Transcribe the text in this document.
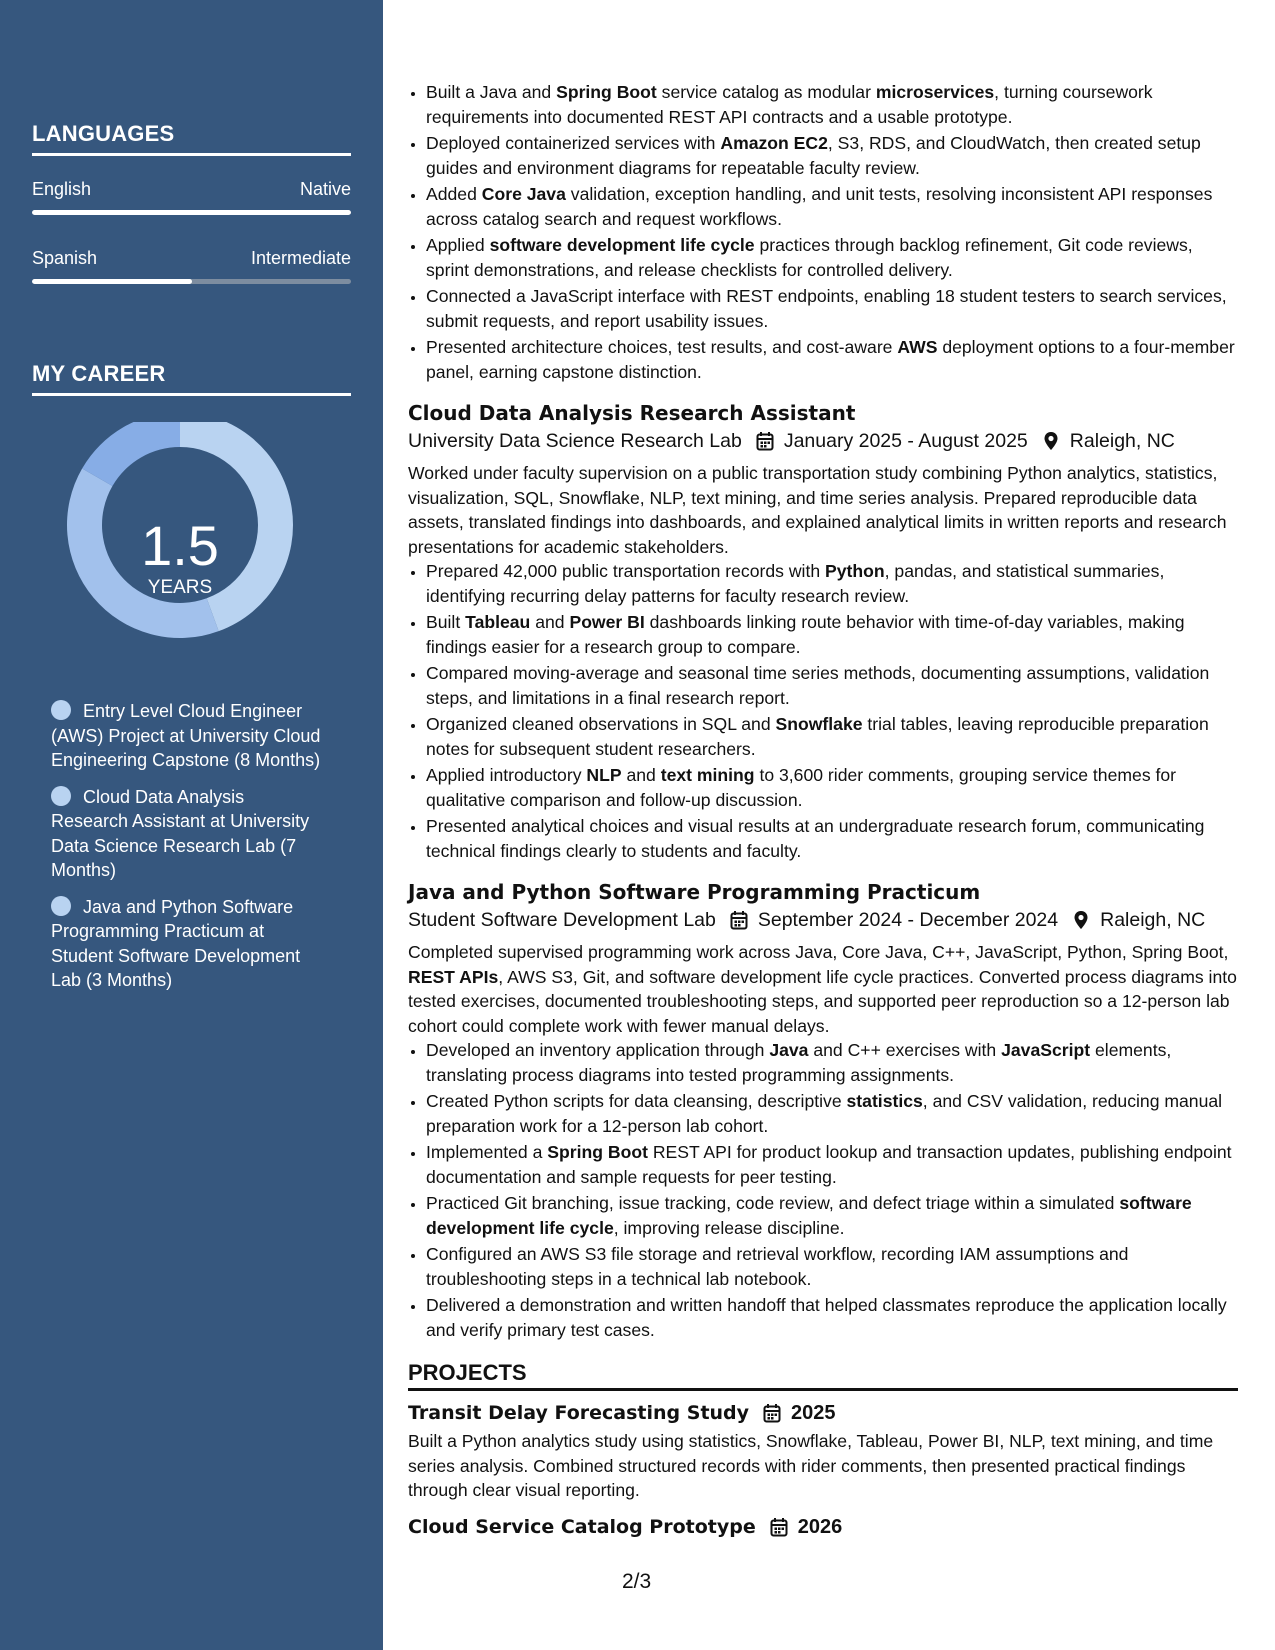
LANGUAGES
English	Native
Spanish	Intermediate
MY CAREER
1.5
YEARS
Entry Level Cloud Engineer (AWS) Project at University Cloud Engineering Capstone (8 Months)
Cloud Data Analysis Research Assistant at University Data Science Research Lab (7 Months)
Java and Python Software Programming Practicum at Student Software Development Lab (3 Months)
• Built a Java and Spring Boot service catalog as modular microservices, turning coursework requirements into documented REST API contracts and a usable prototype.
• Deployed containerized services with Amazon EC2, S3, RDS, and CloudWatch, then created setup guides and environment diagrams for repeatable faculty review.
• Added Core Java validation, exception handling, and unit tests, resolving inconsistent API responses across catalog search and request workflows.
• Applied software development life cycle practices through backlog refinement, Git code reviews, sprint demonstrations, and release checklists for controlled delivery.
• Connected a JavaScript interface with REST endpoints, enabling 18 student testers to search services, submit requests, and report usability issues.
• Presented architecture choices, test results, and cost-aware AWS deployment options to a four-member panel, earning capstone distinction.
Cloud Data Analysis Research Assistant
University Data Science Research Lab January 2025 - August 2025 Raleigh, NC

Worked under faculty supervision on a public transportation study combining Python analytics, statistics, visualization, SQL, Snowflake, NLP, text mining, and time series analysis. Prepared reproducible data assets, translated findings into dashboards, and explained analytical limits in written reports and research presentations for academic stakeholders.

• Prepared 42,000 public transportation records with Python, pandas, and statistical summaries, identifying recurring delay patterns for faculty research review.
• Built Tableau and Power BI dashboards linking route behavior with time-of-day variables, making findings easier for a research group to compare.
• Compared moving-average and seasonal time series methods, documenting assumptions, validation steps, and limitations in a final research report.
• Organized cleaned observations in SQL and Snowflake trial tables, leaving reproducible preparation notes for subsequent student researchers.
• Applied introductory NLP and text mining to 3,600 rider comments, grouping service themes for qualitative comparison and follow-up discussion.
• Presented analytical choices and visual results at an undergraduate research forum, communicating technical findings clearly to students and faculty.
Java and Python Software Programming Practicum
Student Software Development Lab September 2024 - December 2024 Raleigh, NC

Completed supervised programming work across Java, Core Java, C++, JavaScript, Python, Spring Boot, REST APIs, AWS S3, Git, and software development life cycle practices. Converted process diagrams into tested exercises, documented troubleshooting steps, and supported peer reproduction so a 12-person lab cohort could complete work with fewer manual delays.

• Developed an inventory application through Java and C++ exercises with JavaScript elements, translating process diagrams into tested programming assignments.
• Created Python scripts for data cleansing, descriptive statistics, and CSV validation, reducing manual preparation work for a 12-person lab cohort.
• Implemented a Spring Boot REST API for product lookup and transaction updates, publishing endpoint documentation and sample requests for peer testing.
• Practiced Git branching, issue tracking, code review, and defect triage within a simulated software development life cycle, improving release discipline.
• Configured an AWS S3 file storage and retrieval workflow, recording IAM assumptions and troubleshooting steps in a technical lab notebook.
• Delivered a demonstration and written handoff that helped classmates reproduce the application locally and verify primary test cases.
PROJECTS
Transit Delay Forecasting Study 2025

Built a Python analytics study using statistics, Snowflake, Tableau, Power BI, NLP, text mining, and time series analysis. Combined structured records with rider comments, then presented practical findings through clear visual reporting.

Cloud Service Catalog Prototype 2026
2/3
